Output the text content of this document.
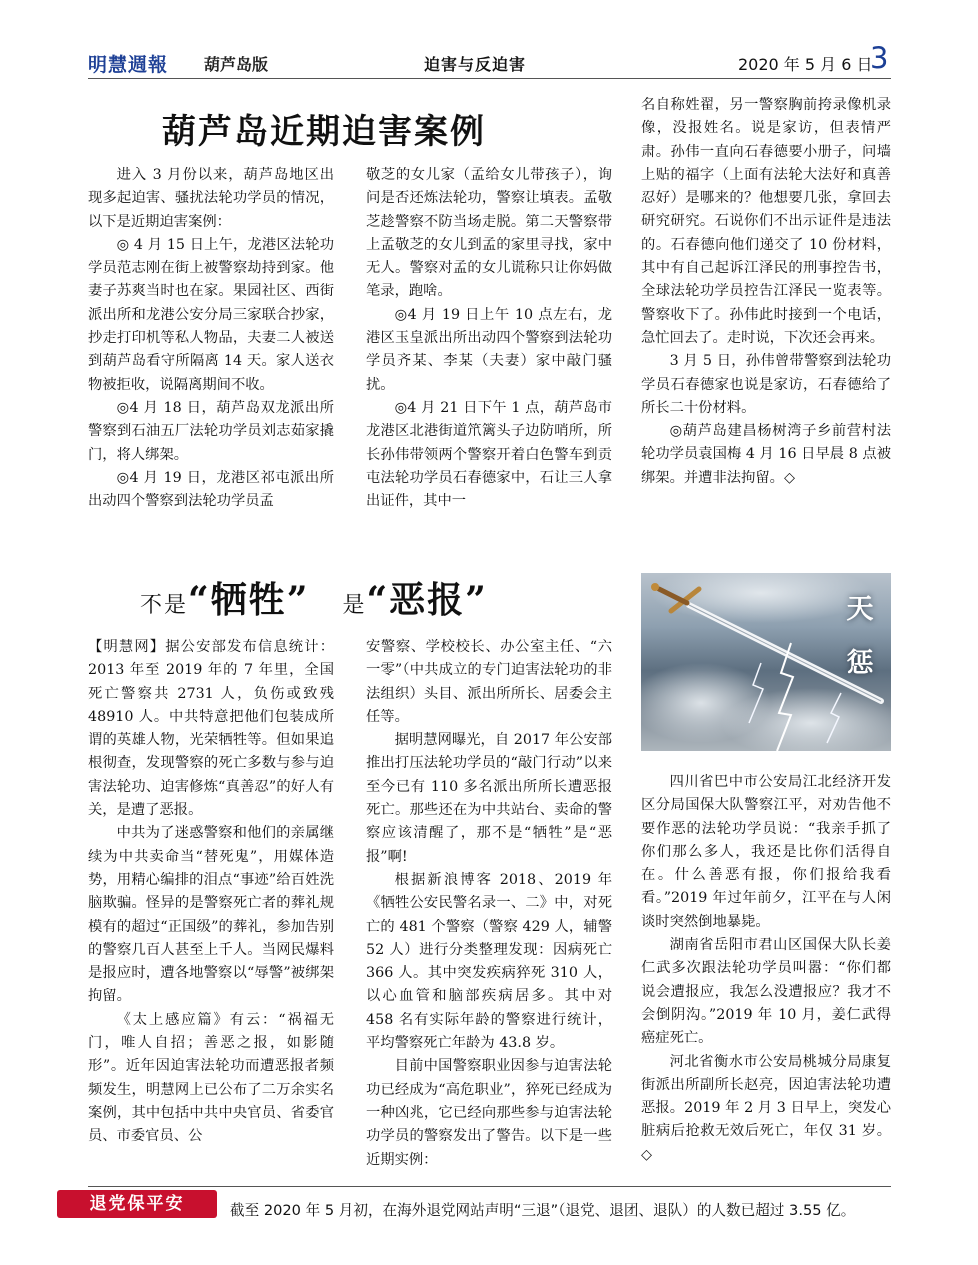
明慧週報 葫芦岛版	迫害与反迫害	2020 年 5 月 6 日
3
葫芦岛近期迫害案例

进入 3 月份以来，葫芦岛地区出现多起迫害、骚扰法轮功学员的情况，以下是近期迫害案例：

◎ 4 月 15 日上午，龙港区法轮功学员范志刚在街上被警察劫持到家。他妻子苏爽当时也在家。果园社区、西街派出所和龙港公安分局三家联合抄家，抄走打印机等私人物品，夫妻二人被送到葫芦岛看守所隔离 14 天。家人送衣物被拒收，说隔离期间不收。

◎4 月 18 日，葫芦岛双龙派出所警察到石油五厂法轮功学员刘志茹家撬门，将人绑架。

◎4 月 19 日，龙港区祁屯派出所出动四个警察到法轮功学员孟

敬芝的女儿家（孟给女儿带孩子），询问是否还炼法轮功，警察让填表。孟敬芝趁警察不防当场走脱。第二天警察带上孟敬芝的女儿到孟的家里寻找，家中无人。警察对孟的女儿谎称只让你妈做笔录，跑啥。

◎4 月 19 日上午 10 点左右，龙港区玉皇派出所出动四个警察到法轮功学员齐某、李某（夫妻）家中敲门骚扰。

◎4 月 21 日下午 1 点，葫芦岛市龙港区北港街道笊篱头子边防哨所，所长孙伟带领两个警察开着白色警车到贡屯法轮功学员石春德家中，石让三人拿出证件，其中一

名自称姓翟，另一警察胸前挎录像机录像，没报姓名。说是家访，但表情严肃。孙伟一直向石春德要小册子，问墙上贴的福字（上面有法轮大法好和真善忍好）是哪来的？他想要几张，拿回去研究研究。石说你们不出示证件是违法的。石春德向他们递交了 10 份材料，其中有自己起诉江泽民的刑事控告书，全球法轮功学员控告江泽民一览表等。警察收下了。孙伟此时接到一个电话，急忙回去了。走时说，下次还会再来。

3 月 5 日，孙伟曾带警察到法轮功学员石春德家也说是家访，石春德给了所长二十份材料。

◎葫芦岛建昌杨树湾子乡前营村法轮功学员袁国梅 4 月 16 日早晨 8 点被绑架。并遭非法拘留。◇

不是“牺牲” 是“恶报”

【明慧网】据公安部发布信息统计：2013 年至 2019 年的 7 年里，全国死亡警察共 2731 人，负伤或致残 48910 人。中共特意把他们包装成所谓的英雄人物，光荣牺牲等。但如果追根彻查，发现警察的死亡多数与参与迫害法轮功、迫害修炼“真善忍”的好人有关，是遭了恶报。

中共为了迷惑警察和他们的亲属继续为中共卖命当“替死鬼”，用媒体造势，用精心编排的泪点“事迹”给百姓洗脑欺骗。怪异的是警察死亡者的葬礼规模有的超过“正国级”的葬礼，参加告别的警察几百人甚至上千人。当网民爆料是报应时，遭各地警察以“辱警”被绑架拘留。

《太上感应篇》有云：“祸福无门，唯人自招；善恶之报，如影随形”。近年因迫害法轮功而遭恶报者频频发生，明慧网上已公布了二万余实名案例，其中包括中共中央官员、省委官员、市委官员、公

安警察、学校校长、办公室主任、“六一零”（中共成立的专门迫害法轮功的非法组织）头目、派出所所长、居委会主任等。

据明慧网曝光，自 2017 年公安部推出打压法轮功学员的“敲门行动”以来至今已有 110 多名派出所所长遭恶报死亡。那些还在为中共站台、卖命的警察应该清醒了，那不是“牺牲”是“恶报”啊!

根据新浪博客 2018、2019 年《牺牲公安民警名录一、二》中，对死亡的 481 个警察（警察 429 人，辅警 52 人）进行分类整理发现：因病死亡 366 人。其中突发疾病猝死 310 人，以心血管和脑部疾病居多。其中对 458 名有实际年龄的警察进行统计，平均警察死亡年龄为 43.8 岁。

目前中国警察职业因参与迫害法轮功已经成为“高危职业”，猝死已经成为一种凶兆，它已经向那些参与迫害法轮功学员的警察发出了警告。以下是一些近期实例：

天
惩

四川省巴中市公安局江北经济开发区分局国保大队警察江平，对劝告他不要作恶的法轮功学员说：“我亲手抓了你们那么多人，我还是比你们活得自在。什么善恶有报，你们报给我看看。”2019 年过年前夕，江平在与人闲谈时突然倒地暴毙。

湖南省岳阳市君山区国保大队长姜仁武多次跟法轮功学员叫嚣：“你们都说会遭报应，我怎么没遭报应？我才不会倒阴沟。”2019 年 10 月，姜仁武得癌症死亡。

河北省衡水市公安局桃城分局康复街派出所副所长赵亮，因迫害法轮功遭恶报。2019 年 2 月 3 日早上，突发心脏病后抢救无效后死亡，年仅 31 岁。◇

退党保平安	截至 2020 年 5 月初，在海外退党网站声明“三退”（退党、退团、退队）的人数已超过 3.55 亿。
